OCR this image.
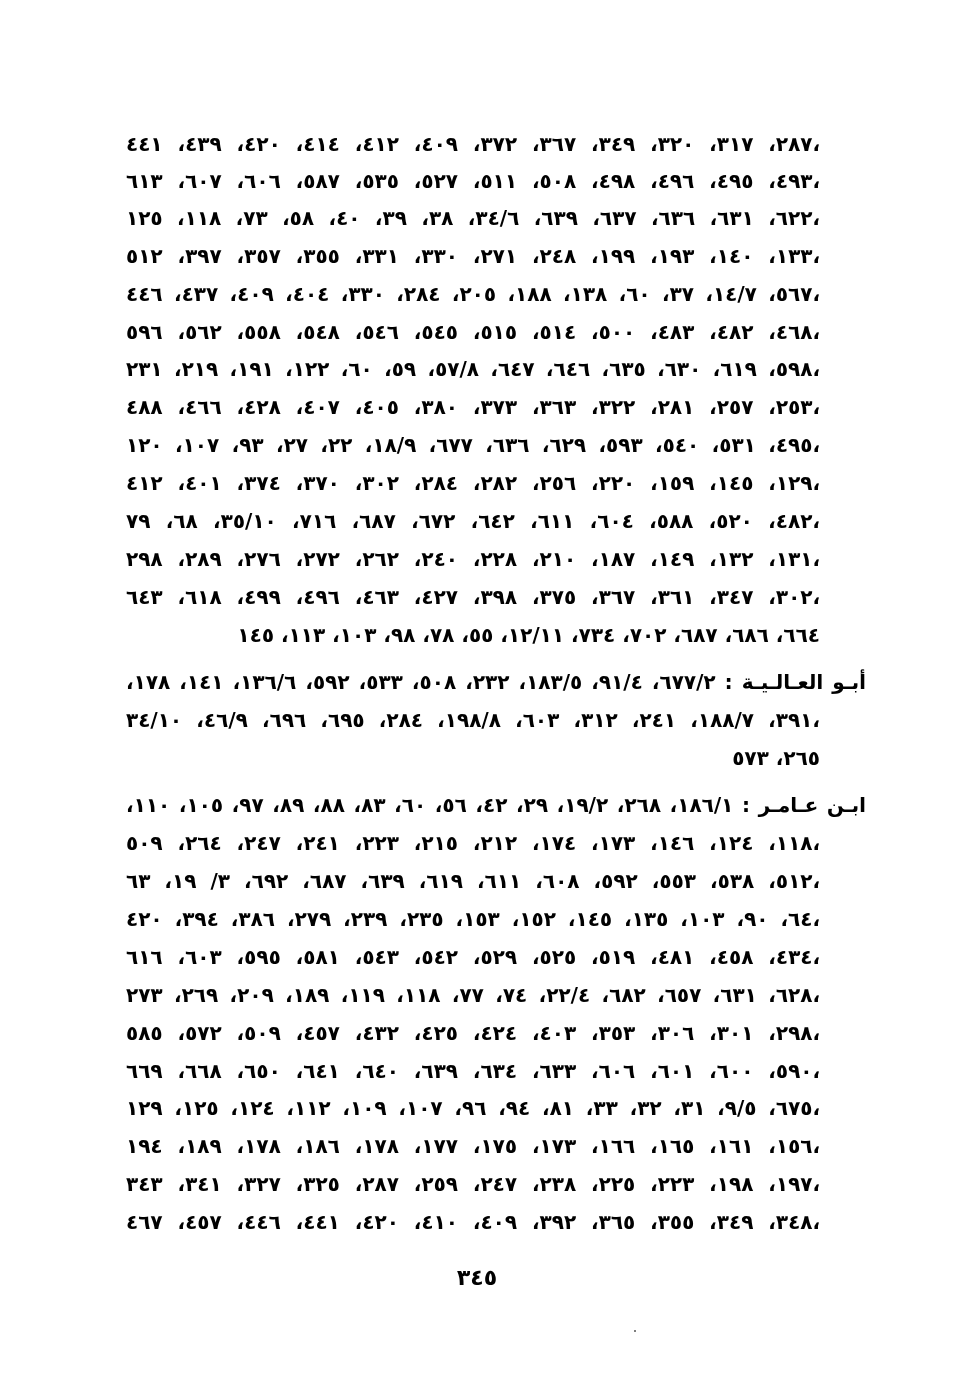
٢٨٧، ٣١٧، ٣٢٠، ٣٤٩، ٣٦٧، ٣٧٢، ٤٠٩، ٤١٢، ٤١٤، ٤٢٠، ٤٣٩، ٤٤١،
٤٩٣، ٤٩٥، ٤٩٦، ٤٩٨، ٥٠٨، ٥١١، ٥٢٧، ٥٣٥، ٥٨٧، ٦٠٦، ٦٠٧، ٦١٣،
٦٢٢، ٦٣١، ٦٣٦، ٦٣٧، ٦٣٩، ٣٤/٦، ٣٨، ٣٩، ٤٠، ٥٨، ٧٣، ١١٨، ١٢٥،
١٣٣، ١٤٠، ١٩٣، ١٩٩، ٢٤٨، ٢٧١، ٣٣٠، ٣٣١، ٣٥٥، ٣٥٧، ٣٩٧، ٥١٢،
٥٦٧، ١٤/٧، ٣٧، ٦٠، ١٣٨، ١٨٨، ٢٠٥، ٢٨٤، ٣٣٠، ٤٠٤، ٤٠٩، ٤٣٧، ٤٤٦،
٤٦٨، ٤٨٢، ٤٨٣، ٥٠٠، ٥١٤، ٥١٥، ٥٤٥، ٥٤٦، ٥٤٨، ٥٥٨، ٥٦٢، ٥٩٦،
٥٩٨، ٦١٩، ٦٣٠، ٦٣٥، ٦٤٦، ٦٤٧، ٥٧/٨، ٥٩، ٦٠، ١٢٢، ١٩١، ٢١٩، ٢٣١،
٢٥٣، ٢٥٧، ٢٨١، ٣٢٢، ٣٦٣، ٣٧٣، ٣٨٠، ٤٠٥، ٤٠٧، ٤٢٨، ٤٦٦، ٤٨٨،
٤٩٥، ٥٣١، ٥٤٠، ٥٩٣، ٦٢٩، ٦٣٦، ٦٧٧، ١٨/٩، ٢٢، ٢٧، ٩٣، ١٠٧، ١٢٠،
١٢٩، ١٤٥، ١٥٩، ٢٢٠، ٢٥٦، ٢٨٢، ٢٨٤، ٣٠٢، ٣٧٠، ٣٧٤، ٤٠١، ٤١٢،
٤٨٢، ٥٢٠، ٥٨٨، ٦٠٤، ٦١١، ٦٤٢، ٦٧٢، ٦٨٧، ٧١٦، ٣٥/١٠، ٦٨، ٧٩،
١٣١، ١٣٢، ١٤٩، ١٨٧، ٢١٠، ٢٢٨، ٢٤٠، ٢٦٢، ٢٧٢، ٢٧٦، ٢٨٩، ٢٩٨،
٣٠٢، ٣٤٧، ٣٦١، ٣٦٧، ٣٧٥، ٣٩٨، ٤٢٧، ٤٦٣، ٤٩٦، ٤٩٩، ٦١٨، ٦٤٣،
٦٦٤، ٦٨٦، ٦٨٧، ٧٠٢، ٧٣٤، ١٢/١١، ٥٥، ٧٨، ٩٨، ١٠٣، ١١٣، ١٤٥
أبـو العـالـيـة : ٦٧٧/٢، ٩١/٤، ١٨٣/٥، ٢٣٢، ٥٠٨، ٥٣٣، ٥٩٢، ١٣٦/٦، ١٤١، ١٧٨،
٣٩١، ١٨٨/٧، ٢٤١، ٣١٢، ٦٠٣، ١٩٨/٨، ٢٨٤، ٦٩٥، ٦٩٦، ٤٦/٩، ٣٤/١٠،
٢٦٥، ٥٧٣
ابـن عـامـر : ١٨٦/١، ٢٦٨، ١٩/٢، ٢٩، ٤٢، ٥٦، ٦٠، ٨٣، ٨٨، ٨٩، ٩٧، ١٠٥، ١١٠،
١١٨، ١٢٤، ١٤٦، ١٧٣، ١٧٤، ٢١٢، ٢١٥، ٢٢٣، ٢٤١، ٢٤٧، ٢٦٤، ٥٠٩،
٥١٢، ٥٣٨، ٥٥٣، ٥٩٢، ٦٠٨، ٦١١، ٦١٩، ٦٣٩، ٦٨٧، ٦٩٢، ٣/ ١٩، ٦٣،
٦٤، ٩٠، ١٠٣، ١٣٥، ١٤٥، ١٥٢، ١٥٣، ٢٣٥، ٢٣٩، ٢٧٩، ٣٨٦، ٣٩٤، ٤٢٠،
٤٣٤، ٤٥٨، ٤٨١، ٥١٩، ٥٢٥، ٥٢٩، ٥٤٢، ٥٤٣، ٥٨١، ٥٩٥، ٦٠٣، ٦١٦،
٦٢٨، ٦٣١، ٦٥٧، ٦٨٢، ٢٢/٤، ٧٤، ٧٧، ١١٨، ١١٩، ١٨٩، ٢٠٩، ٢٦٩، ٢٧٣،
٢٩٨، ٣٠١، ٣٠٦، ٣٥٣، ٤٠٣، ٤٢٤، ٤٢٥، ٤٣٢، ٤٥٧، ٥٠٩، ٥٧٢، ٥٨٥،
٥٩٠، ٦٠٠، ٦٠١، ٦٠٦، ٦٣٣، ٦٣٤، ٦٣٩، ٦٤٠، ٦٤١، ٦٥٠، ٦٦٨، ٦٦٩،
٦٧٥، ٩/٥، ٣١، ٣٢، ٣٣، ٨١، ٩٤، ٩٦، ١٠٧، ١٠٩، ١١٢، ١٢٤، ١٢٥، ١٢٩،
١٥٦، ١٦١، ١٦٥، ١٦٦، ١٧٣، ١٧٥، ١٧٧، ١٧٨، ١٨٦، ١٧٨، ١٨٩، ١٩٤،
١٩٧، ١٩٨، ٢٢٣، ٢٢٥، ٢٣٨، ٢٤٧، ٢٥٩، ٢٨٧، ٣٢٥، ٣٢٧، ٣٤١، ٣٤٣،
٣٤٨، ٣٤٩، ٣٥٥، ٣٦٥، ٣٩٢، ٤٠٩، ٤١٠، ٤٢٠، ٤٤١، ٤٤٦، ٤٥٧، ٤٦٧،
٣٤٥
